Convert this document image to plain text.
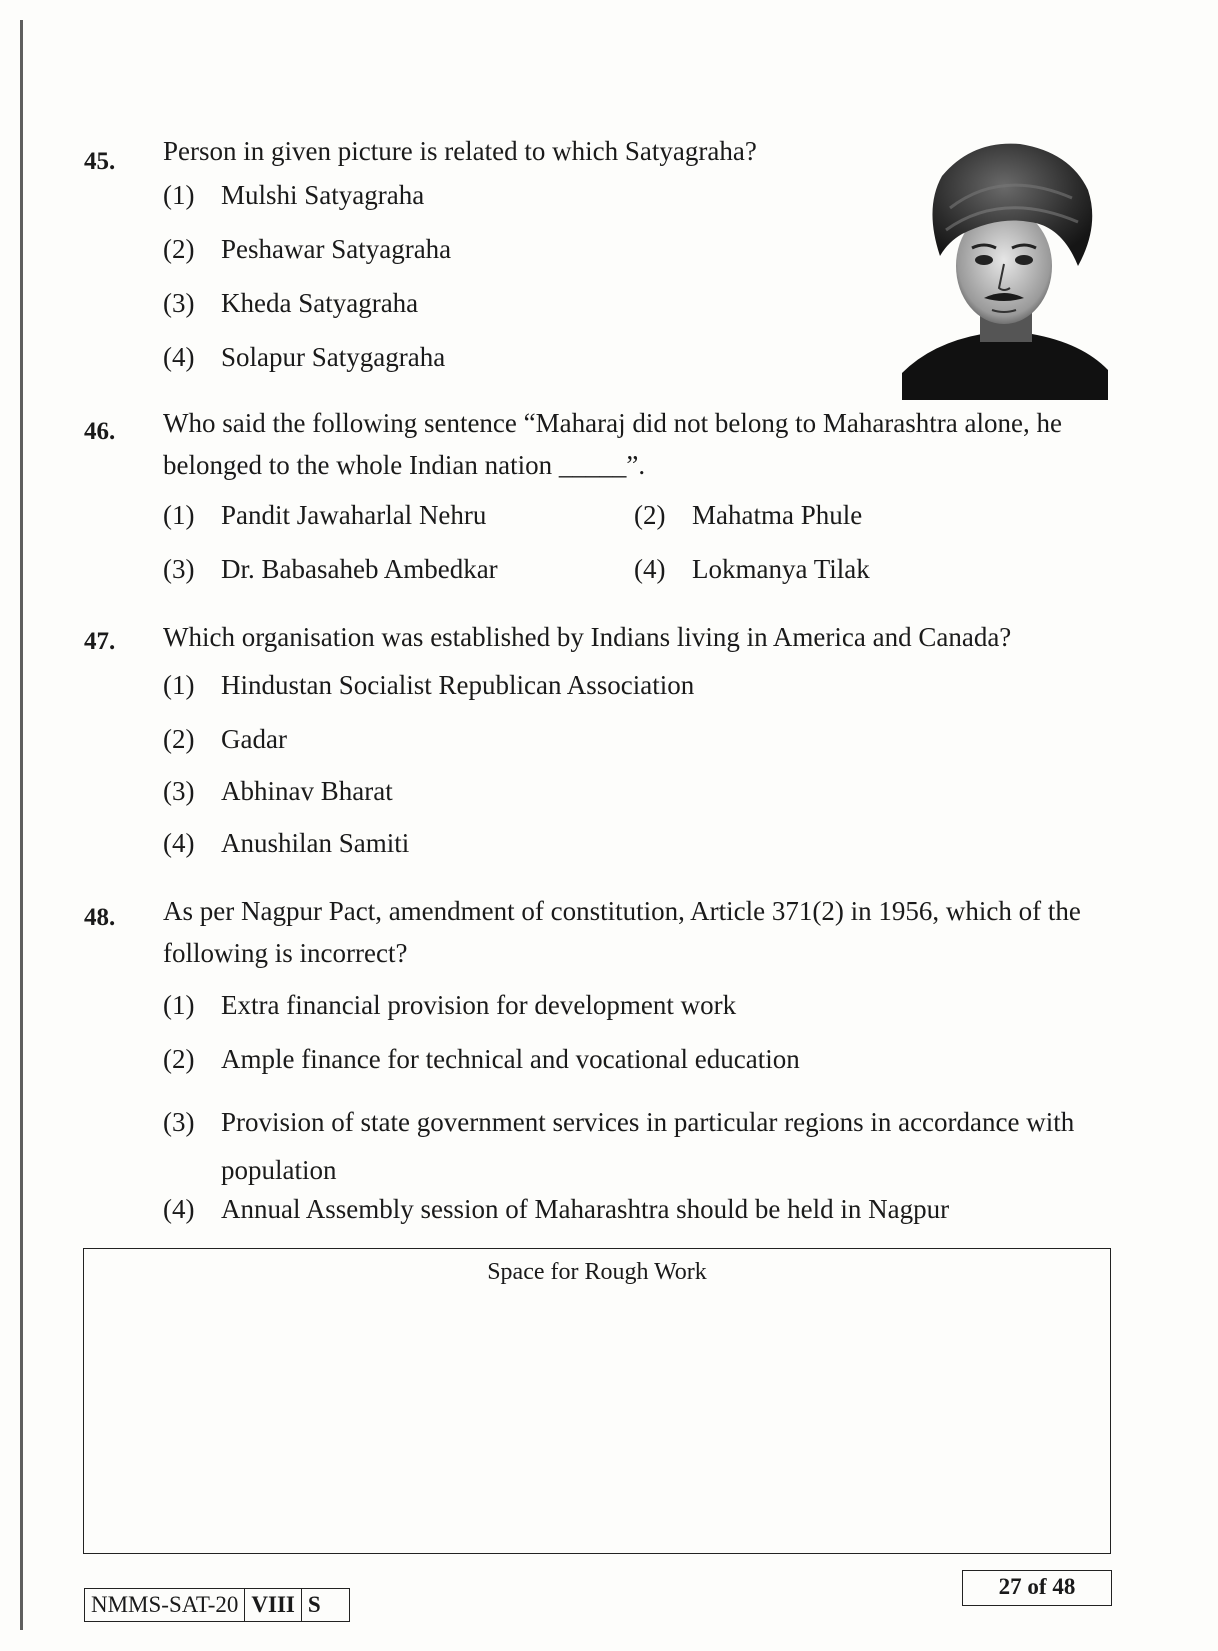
45. Person in given picture is related to which Satyagraha?
(1) Mulshi Satyagraha
(2) Peshawar Satyagraha
(3) Kheda Satyagraha
(4) Solapur Satygagraha
46. Who said the following sentence “Maharaj did not belong to Maharashtra alone, he belonged to the whole Indian nation _____”.
(1) Pandit Jawaharlal Nehru	(2) Mahatma Phule
(3) Dr. Babasaheb Ambedkar	(4) Lokmanya Tilak
47. Which organisation was established by Indians living in America and Canada?
(1) Hindustan Socialist Republican Association
(2) Gadar
(3) Abhinav Bharat
(4) Anushilan Samiti
48. As per Nagpur Pact, amendment of constitution, Article 371(2) in 1956, which of the following is incorrect?
(1) Extra financial provision for development work
(2) Ample finance for technical and vocational education
(3) Provision of state government services in particular regions in accordance with population
(4) Annual Assembly session of Maharashtra should be held in Nagpur
Space for Rough Work
NMMS-SAT-20 VIII S
27 of 48
